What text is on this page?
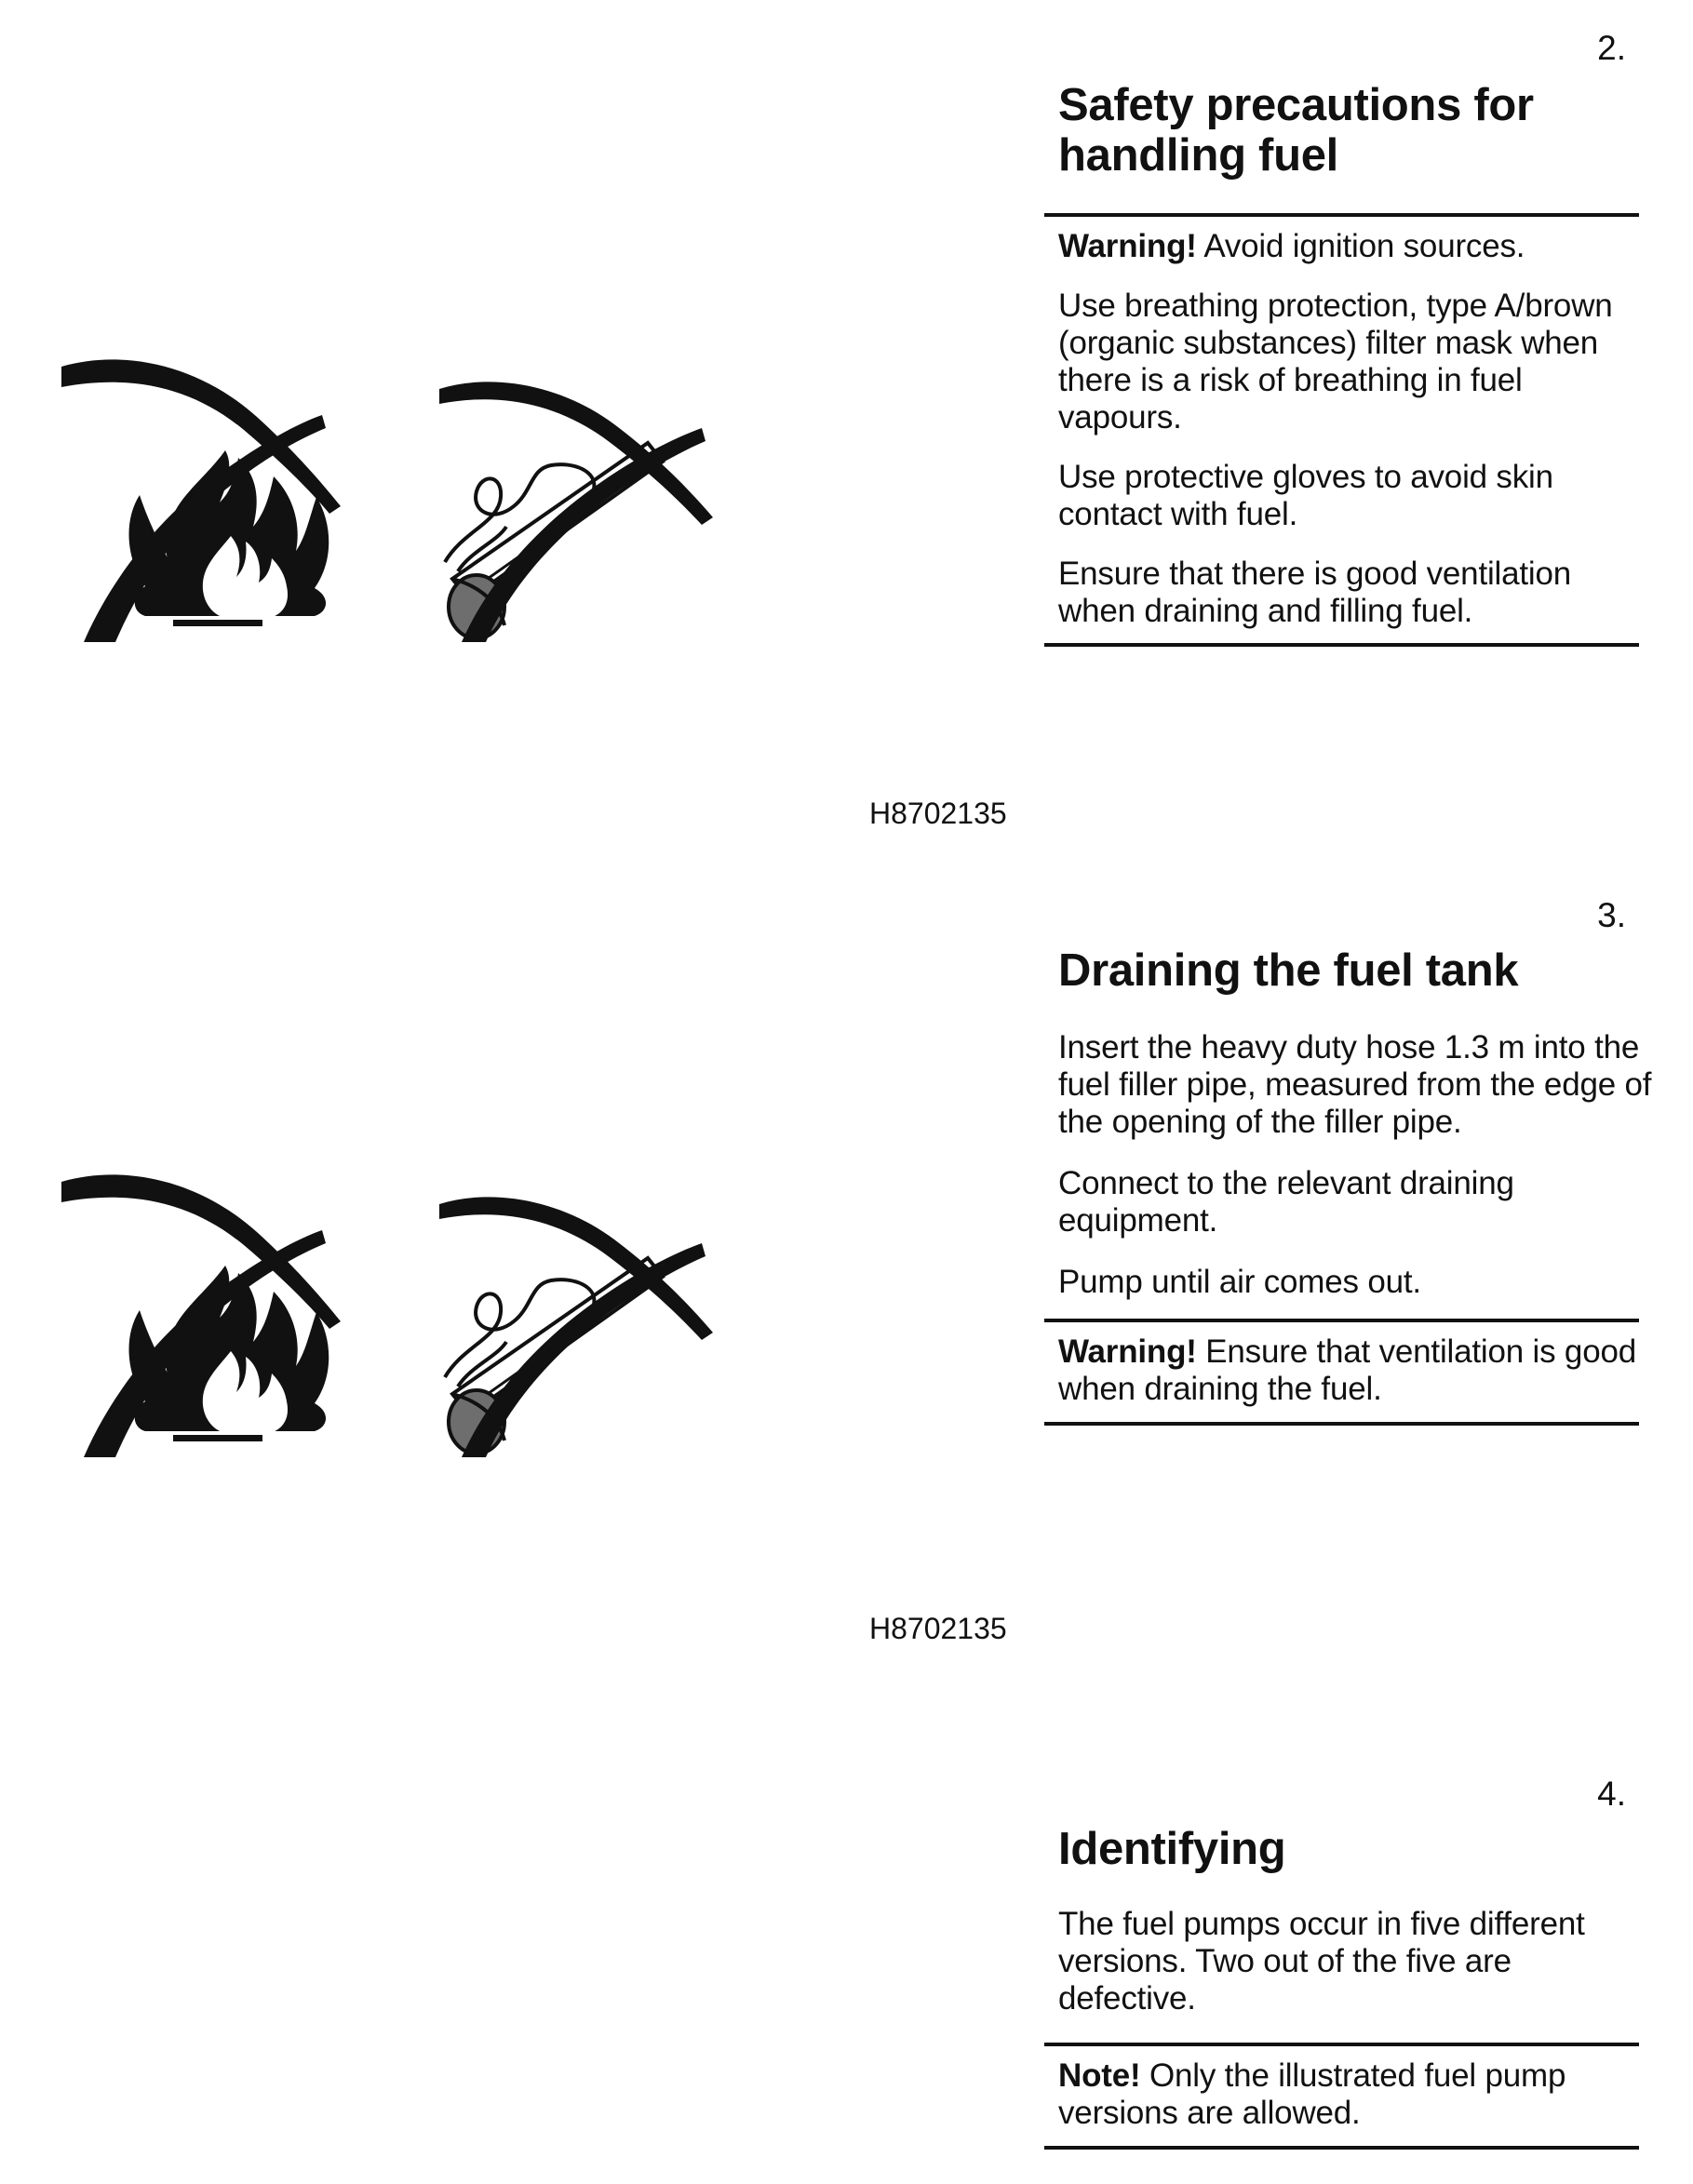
2.
Safety precautions for
handling fuel

Warning! Avoid ignition sources.

Use breathing protection, type A/brown (organic substances) filter mask when there is a risk of breathing in fuel vapours.

Use protective gloves to avoid skin contact with fuel.

Ensure that there is good ventilation when draining and filling fuel.

H8702135
3.
Draining the fuel tank

Insert the heavy duty hose 1.3 m into the fuel filler pipe, measured from the edge of the opening of the filler pipe.

Connect to the relevant draining equipment.

Pump until air comes out.

Warning! Ensure that ventilation is good when draining the fuel.

H8702135
4.
Identifying

The fuel pumps occur in five different versions. Two out of the five are defective.

Note! Only the illustrated fuel pump versions are allowed.
